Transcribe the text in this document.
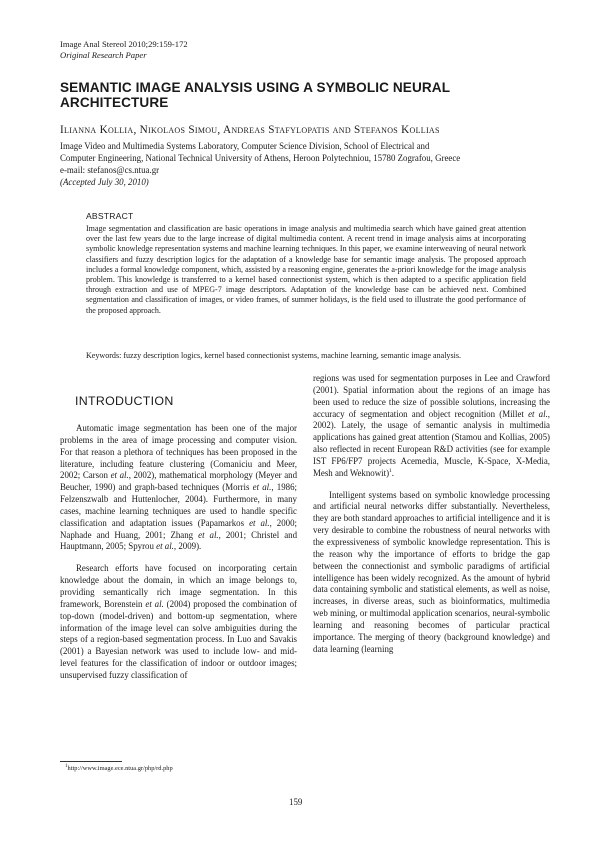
Image Anal Stereol 2010;29:159-172
Original Research Paper
SEMANTIC IMAGE ANALYSIS USING A SYMBOLIC NEURAL
ARCHITECTURE
Ilianna Kollia, Nikolaos Simou, Andreas Stafylopatis and Stefanos Kollias
Image Video and Multimedia Systems Laboratory, Computer Science Division, School of Electrical and
Computer Engineering, National Technical University of Athens, Heroon Polytechniou, 15780 Zografou, Greece
e-mail: stefanos@cs.ntua.gr
(Accepted July 30, 2010)
ABSTRACT
Image segmentation and classification are basic operations in image analysis and multimedia search which have gained great attention over the last few years due to the large increase of digital multimedia content. A recent trend in image analysis aims at incorporating symbolic knowledge representation systems and machine learning techniques. In this paper, we examine interweaving of neural network classifiers and fuzzy description logics for the adaptation of a knowledge base for semantic image analysis. The proposed approach includes a formal knowledge component, which, assisted by a reasoning engine, generates the a-priori knowledge for the image analysis problem. This knowledge is transferred to a kernel based connectionist system, which is then adapted to a specific application field through extraction and use of MPEG-7 image descriptors. Adaptation of the knowledge base can be achieved next. Combined segmentation and classification of images, or video frames, of summer holidays, is the field used to illustrate the good performance of the proposed approach.
Keywords: fuzzy description logics, kernel based connectionist systems, machine learning, semantic image analysis.
INTRODUCTION

Automatic image segmentation has been one of the major problems in the area of image processing and computer vision. For that reason a plethora of techniques has been proposed in the literature, including feature clustering (Comaniciu and Meer, 2002; Carson et al., 2002), mathematical morphology (Meyer and Beucher, 1990) and graph-based techniques (Morris et al., 1986; Felzenszwalb and Huttenlocher, 2004). Furthermore, in many cases, machine learning techniques are used to handle specific classification and adaptation issues (Papamarkos et al., 2000; Naphade and Huang, 2001; Zhang et al., 2001; Christel and Hauptmann, 2005; Spyrou et al., 2009).

Research efforts have focused on incorporating certain knowledge about the domain, in which an image belongs to, providing semantically rich image segmentation. In this framework, Borenstein et al. (2004) proposed the combination of top-down (model-driven) and bottom-up segmentation, where information of the image level can solve ambiguities during the steps of a region-based segmentation process. In Luo and Savakis (2001) a Bayesian network was used to include low- and mid-level features for the classification of indoor or outdoor images; unsupervised fuzzy classification of

regions was used for segmentation purposes in Lee and Crawford (2001). Spatial information about the regions of an image has been used to reduce the size of possible solutions, increasing the accuracy of segmentation and object recognition (Millet et al., 2002). Lately, the usage of semantic analysis in multimedia applications has gained great attention (Stamou and Kollias, 2005) also reflected in recent European R&D activities (see for example IST FP6/FP7 projects Acemedia, Muscle, K-Space, X-Media, Mesh and Weknowit)$^1$.

Intelligent systems based on symbolic knowledge processing and artificial neural networks differ substantially. Nevertheless, they are both standard approaches to artificial intelligence and it is very desirable to combine the robustness of neural networks with the expressiveness of symbolic knowledge representation. This is the reason why the importance of efforts to bridge the gap between the connectionist and symbolic paradigms of artificial intelligence has been widely recognized. As the amount of hybrid data containing symbolic and statistical elements, as well as noise, increases, in diverse areas, such as bioinformatics, multimedia web mining, or multimodal application scenarios, neural-symbolic learning and reasoning becomes of particular practical importance. The merging of theory (background knowledge) and data learning (learning

$^1$http://www.image.ece.ntua.gr/php/rd.php
159
